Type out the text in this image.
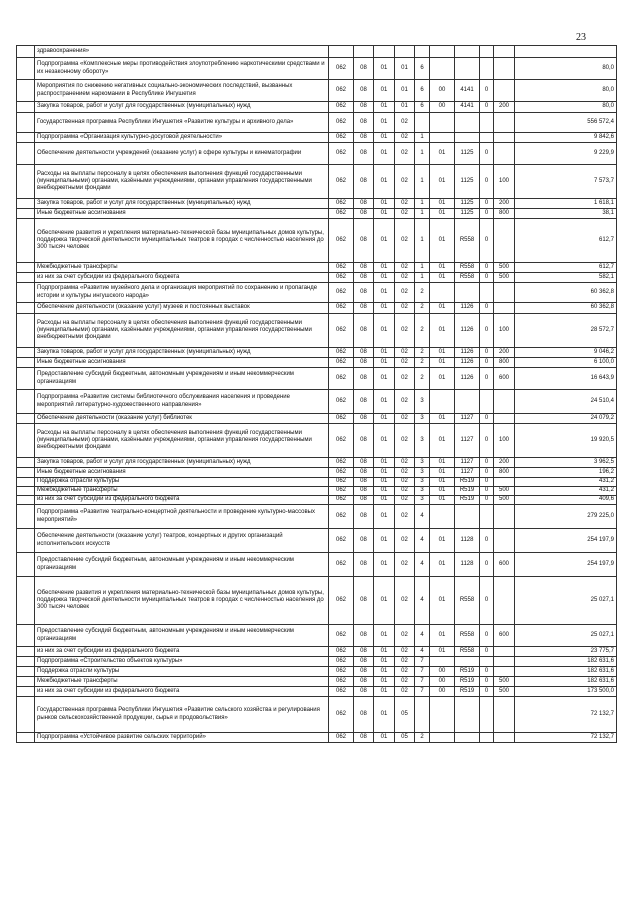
23
	здравоохранения»										
	Подпрограмма «Комплексные меры противодействия злоупотреблению наркотическими средствами и их незаконному обороту»	062	08	01	01	6					80,0
	Мероприятия по снижению негативных социально-экономических последствий, вызванных распространением наркомании в Республике Ингушетия	062	08	01	01	6	00	4141	0		80,0
	Закупка товаров, работ и услуг для государственных (муниципальных) нужд	062	08	01	01	6	00	4141	0	200	80,0
	Государственная программа Республики Ингушетия «Развитие культуры и архивного дела»	062	08	01	02						556 572,4
	Подпрограмма «Организация культурно-досуговой деятельности»	062	08	01	02	1					9 842,6
	Обеспечение деятельности учреждений (оказание услуг) в сфере культуры и кинематографии	062	08	01	02	1	01	1125	0		9 229,9
	Расходы на выплаты персоналу в целях обеспечения выполнения функций государственными (муниципальными) органами, казёнными учреждениями, органами управления государственными внебюджетными фондами	062	08	01	02	1	01	1125	0	100	7 573,7
	Закупка товаров, работ и услуг для государственных (муниципальных) нужд	062	08	01	02	1	01	1125	0	200	1 618,1
	Иные бюджетные ассигнования	062	08	01	02	1	01	1125	0	800	38,1
	Обеспечение развития и укрепления материально-технической базы муниципальных домов культуры, поддержка творческой деятельности муниципальных театров в городах с численностью населения до 300 тысяч человек	062	08	01	02	1	01	R558	0		612,7
	Межбюджетные трансферты	062	08	01	02	1	01	R558	0	500	612,7
	из них за счет субсидии из федерального бюджета	062	08	01	02	1	01	R558	0	500	582,1
	Подпрограмма «Развитие музейного дела и организация мероприятий по сохранению и пропаганде истории и культуры ингушского народа»	062	08	01	02	2					60 362,8
	Обеспечение деятельности (оказание услуг) музеев и постоянных выставок	062	08	01	02	2	01	1126	0		60 362,8
	Расходы на выплаты персоналу в целях обеспечения выполнения функций государственными (муниципальными) органами, казёнными учреждениями, органами управления государственными внебюджетными фондами	062	08	01	02	2	01	1126	0	100	28 572,7
	Закупка товаров, работ и услуг для государственных (муниципальных) нужд	062	08	01	02	2	01	1126	0	200	9 046,2
	Иные бюджетные ассигнования	062	08	01	02	2	01	1126	0	800	6 100,0
	Предоставление субсидий бюджетным, автономным учреждениям и иным некоммерческим организациям	062	08	01	02	2	01	1126	0	600	16 643,9
	Подпрограмма «Развитие системы библиотечного обслуживания населения и проведение мероприятий литературно-художественного направления»	062	08	01	02	3					24 510,4
	Обеспечение деятельности (оказание услуг) библиотек	062	08	01	02	3	01	1127	0		24 079,2
	Расходы на выплаты персоналу в целях обеспечения выполнения функций государственными (муниципальными) органами, казёнными учреждениями, органами управления государственными внебюджетными фондами	062	08	01	02	3	01	1127	0	100	19 920,5
	Закупка товаров, работ и услуг для государственных (муниципальных) нужд	062	08	01	02	3	01	1127	0	200	3 962,5
	Иные бюджетные ассигнования	062	08	01	02	3	01	1127	0	800	196,2
	Поддержка отрасли культуры	062	08	01	02	3	01	R519	0		431,2
	Межбюджетные трансферты	062	08	01	02	3	01	R519	0	500	431,2
	из них за счет субсидии из федерального бюджета	062	08	01	02	3	01	R519	0	500	409,6
	Подпрограмма «Развитие театрально-концертной деятельности и проведение культурно-массовых мероприятий»	062	08	01	02	4					279 225,0
	Обеспечение деятельности (оказание услуг) театров, концертных и других организаций исполнительских искусств	062	08	01	02	4	01	1128	0		254 197,9
	Предоставление субсидий бюджетным, автономным учреждениям и иным некоммерческим организациям	062	08	01	02	4	01	1128	0	600	254 197,9
	Обеспечение развития и укрепления материально-технической базы муниципальных домов культуры, поддержка творческой деятельности муниципальных театров в городах с численностью населения до 300 тысяч человек	062	08	01	02	4	01	R558	0		25 027,1
	Предоставление субсидий бюджетным, автономным учреждениям и иным некоммерческим организациям	062	08	01	02	4	01	R558	0	600	25 027,1
	из них за счет субсидии из федерального бюджета	062	08	01	02	4	01	R558	0		23 775,7
	Подпрограмма «Строительство объектов культуры»	062	08	01	02	7					182 631,6
	Поддержка отрасли культуры	062	08	01	02	7	00	R519	0		182 631,6
	Межбюджетные трансферты	062	08	01	02	7	00	R519	0	500	182 631,6
	из них за счет субсидии из федерального бюджета	062	08	01	02	7	00	R519	0	500	173 500,0
	Государственная программа Республики Ингушетия «Развитие сельского хозяйства и регулирования рынков сельскохозяйственной продукции, сырья и продовольствия»	062	08	01	05						72 132,7
	Подпрограмма «Устойчивое развитие сельских территорий»	062	08	01	05	2					72 132,7
